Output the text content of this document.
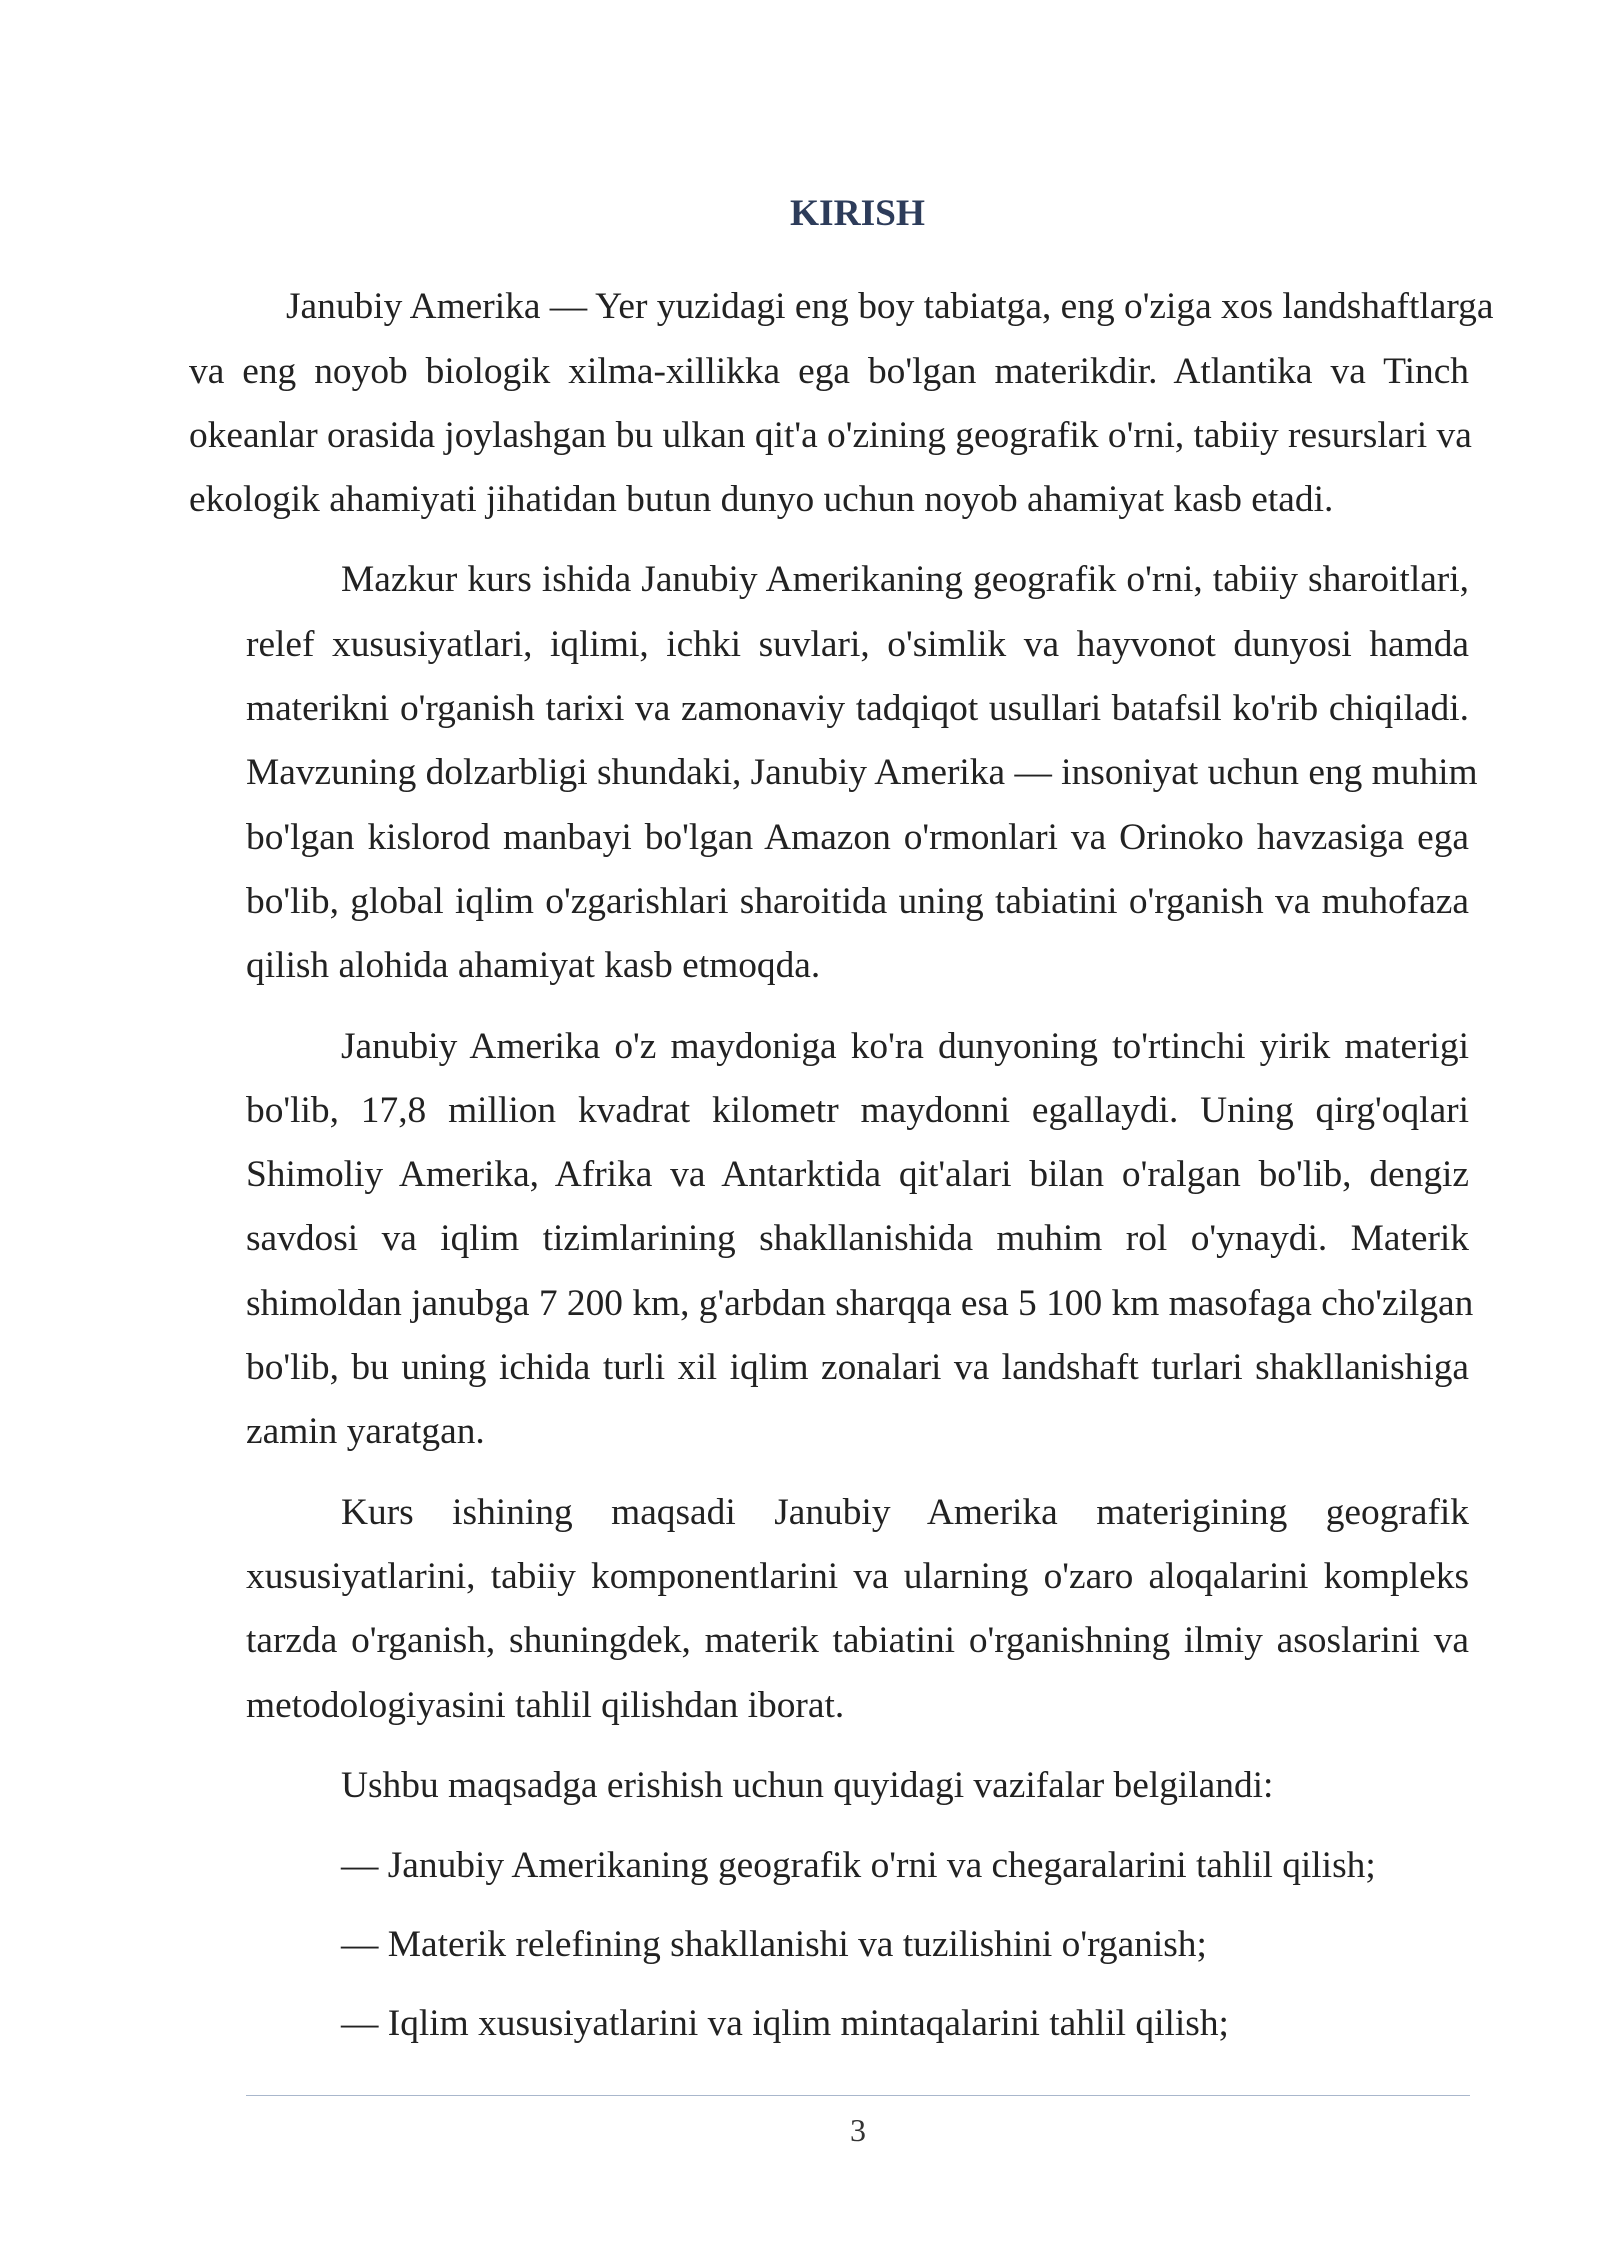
KIRISH

Janubiy Amerika — Yer yuzidagi eng boy tabiatga, eng o'ziga xos landshaftlarga
va eng noyob biologik xilma-xillikka ega bo'lgan materikdir. Atlantika va Tinch
okeanlar orasida joylashgan bu ulkan qit'a o'zining geografik o'rni, tabiiy resurslari va
ekologik ahamiyati jihatidan butun dunyo uchun noyob ahamiyat kasb etadi.

Mazkur kurs ishida Janubiy Amerikaning geografik o'rni, tabiiy sharoitlari,
relef xususiyatlari, iqlimi, ichki suvlari, o'simlik va hayvonot dunyosi hamda
materikni o'rganish tarixi va zamonaviy tadqiqot usullari batafsil ko'rib chiqiladi.
Mavzuning dolzarbligi shundaki, Janubiy Amerika — insoniyat uchun eng muhim
bo'lgan kislorod manbayi bo'lgan Amazon o'rmonlari va Orinoko havzasiga ega
bo'lib, global iqlim o'zgarishlari sharoitida uning tabiatini o'rganish va muhofaza
qilish alohida ahamiyat kasb etmoqda.

Janubiy Amerika o'z maydoniga ko'ra dunyoning to'rtinchi yirik materigi
bo'lib, 17,8 million kvadrat kilometr maydonni egallaydi. Uning qirg'oqlari
Shimoliy Amerika, Afrika va Antarktida qit'alari bilan o'ralgan bo'lib, dengiz
savdosi va iqlim tizimlarining shakllanishida muhim rol o'ynaydi. Materik
shimoldan janubga 7 200 km, g'arbdan sharqqa esa 5 100 km masofaga cho'zilgan
bo'lib, bu uning ichida turli xil iqlim zonalari va landshaft turlari shakllanishiga
zamin yaratgan.

Kurs ishining maqsadi Janubiy Amerika materigining geografik
xususiyatlarini, tabiiy komponentlarini va ularning o'zaro aloqalarini kompleks
tarzda o'rganish, shuningdek, materik tabiatini o'rganishning ilmiy asoslarini va
metodologiyasini tahlil qilishdan iborat.

Ushbu maqsadga erishish uchun quyidagi vazifalar belgilandi:

— Janubiy Amerikaning geografik o'rni va chegaralarini tahlil qilish;

— Materik relefining shakllanishi va tuzilishini o'rganish;

— Iqlim xususiyatlarini va iqlim mintaqalarini tahlil qilish;

3
